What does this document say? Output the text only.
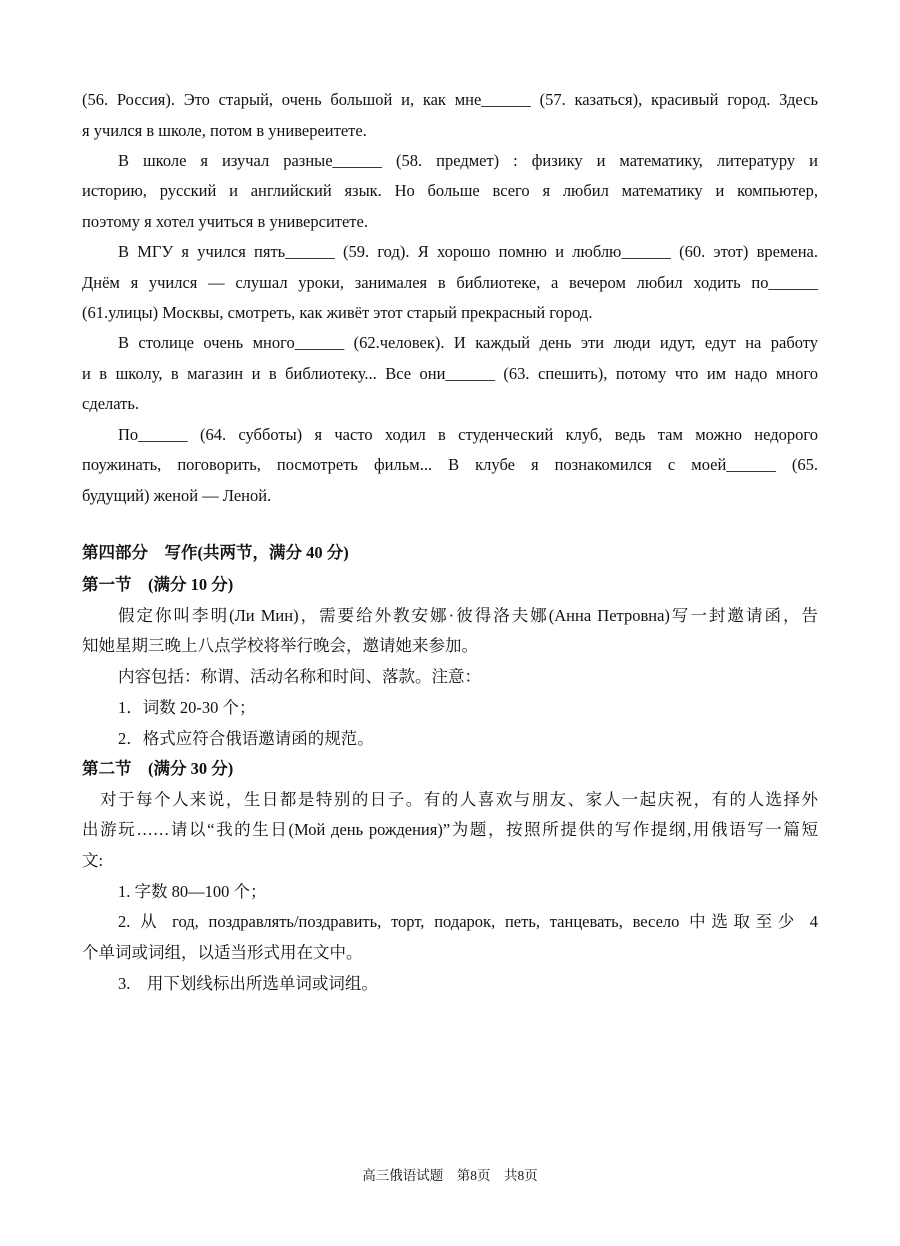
(56. Россия). Это старый, очень большой и, как мне______ (57. казаться), красивый город. Здесь
я учился в школе, потом в универеитете.
В школе я изучал разные______ (58. предмет) : физику и математику, литературу и
историю, русский и английский язык. Но больше всего я любил математику и компьютер,
поэтому я хотел учиться в университете.
В МГУ я учился пять______ (59. год). Я хорошо помню и люблю______ (60. этот) времена.
Днём я учился — слушал уроки, занималея в библиотеке, а вечером любил ходить по______
(61.улицы) Москвы, смотреть, как живёт этот старый прекрасный город.
В столице очень много______ (62.человек). И каждый день эти люди идут, едут на работу
и в школу, в магазин и в библиотеку... Все они______ (63. спешить), потому что им надо много
сделать.
По______ (64. субботы) я часто ходил в студенческий клуб, ведь там можно недорого
поужинать, поговорить, посмотреть фильм... В клубе я познакомился с моей______ (65.
будущий) женой — Леной.
第四部分　写作(共两节，满分 40 分)
第一节　(满分 10 分)
假定你叫李明(Ли Мин)，需要给外教安娜·彼得洛夫娜(Анна Петровна)写一封邀请函，告
知她星期三晚上八点学校将举行晚会，邀请她来参加。
内容包括：称谓、活动名称和时间、落款。注意：
1．词数 20-30 个；
2．格式应符合俄语邀请函的规范。
第二节　(满分 30 分)
对于每个人来说，生日都是特别的日子。有的人喜欢与朋友、家人一起庆祝，有的人选择外
出游玩……请以“我的生日(Мой день рождения)”为题，按照所提供的写作提纲,用俄语写一篇短
文:
1. 字数 80—100 个；
2. 从 год, поздравлять/поздравить, торт, подарок, петь, танцевать, весело 中选取至少 4
个单词或词组，以适当形式用在文中。
3.　用下划线标出所选单词或词组。
高三俄语试题　第8页　共8页
